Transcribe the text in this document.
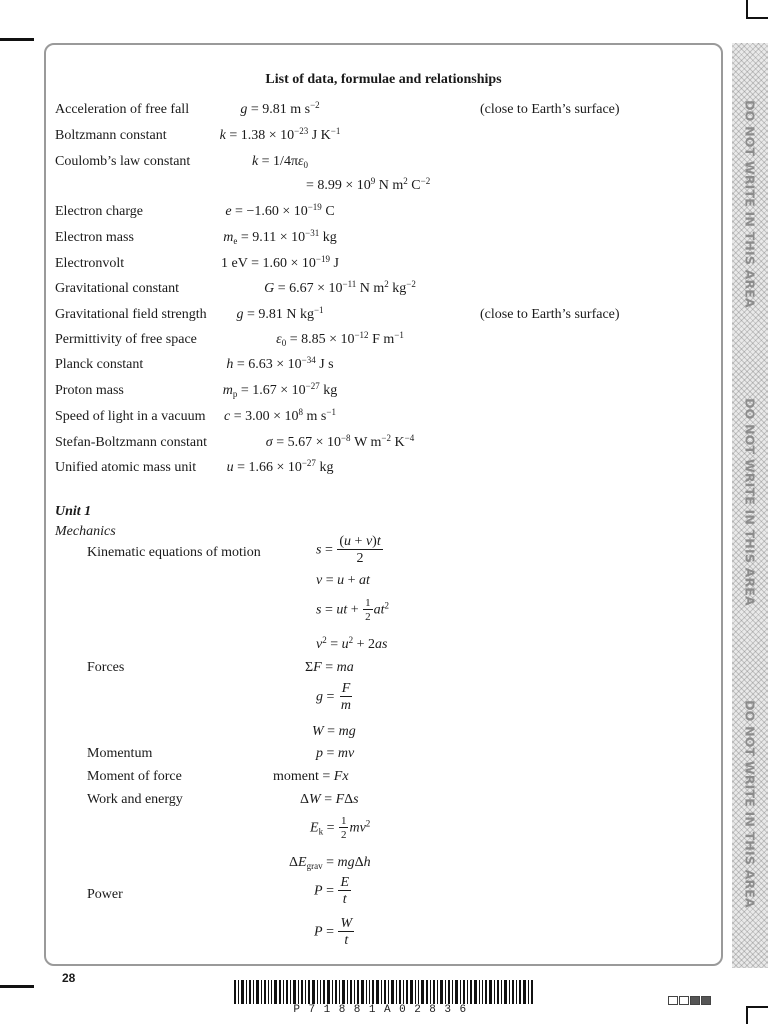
DO NOT WRITE IN THIS AREA
DO NOT WRITE IN THIS AREA
DO NOT WRITE IN THIS AREA
List of data, formulae and relationships
Acceleration of free fall	g = 9.81 m $s^{-2}$	(close to Earth’s surface)
Boltzmann constant	$k = 1.38 \times 10^{-23}$ J $K^{-1}$
Coulomb’s law constant	$k = 1/4\pi\varepsilon_0$
= $8.99 \times 10^9$ N $m^2$ $C^{-2}$
Electron charge	$e = -1.60 \times 10^{-19}$ C
Electron mass	$m_e = 9.11 \times 10^{-31}$ kg
Electronvolt	1 eV = $1.60 \times 10^{-19}$ J
Gravitational constant	$G = 6.67 \times 10^{-11}$ N $m^2$ $kg^{-2}$
Gravitational field strength	g = 9.81 N $kg^{-1}$	(close to Earth’s surface)
Permittivity of free space	$\varepsilon_0 = 8.85 \times 10^{-12}$ F $m^{-1}$
Planck constant	$h = 6.63 \times 10^{-34}$ J s
Proton mass	$m_p = 1.67 \times 10^{-27}$ kg
Speed of light in a vacuum	$c = 3.00 \times 10^8$ m $s^{-1}$
Stefan-Boltzmann constant	$\sigma = 5.67 \times 10^{-8}$ W $m^{-2}$ $K^{-4}$
Unified atomic mass unit	$u = 1.66 \times 10^{-27}$ kg
Unit 1
Mechanics
Kinematic equations of motion	$s = \frac{(u + v)t}{2}$
v = u + at
s = ut + $\frac{1}{2} at^2$
$v^2 = u^2 + 2as$
Forces	ΣF = ma
$g = \frac{F}{m}$
W = mg
Momentum	p = mv
Moment of force	moment = Fx
Work and energy	ΔW = FΔs
$E_k = \frac{1}{2} mv^2$
$\Delta E_{grav} = mg\Delta h$
Power	$P = \frac{E}{t}$
$P = \frac{W}{t}$
28
P71881A02836
